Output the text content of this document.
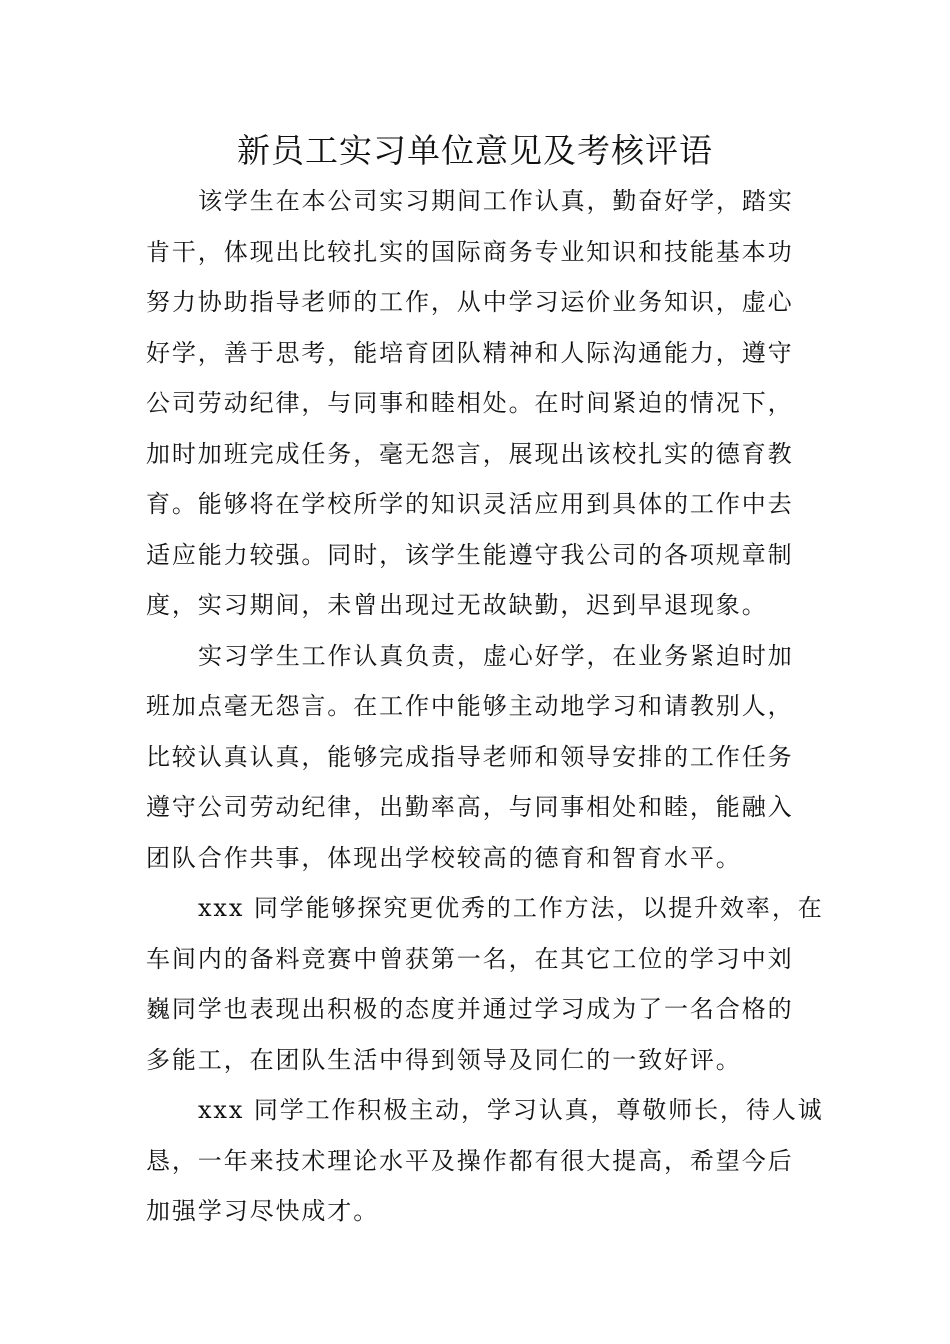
新员工实习单位意见及考核评语

该学生在本公司实习期间工作认真，勤奋好学，踏实
肯干，体现出比较扎实的国际商务专业知识和技能基本功
努力协助指导老师的工作，从中学习运价业务知识，虚心
好学，善于思考，能培育团队精神和人际沟通能力，遵守
公司劳动纪律，与同事和睦相处。在时间紧迫的情况下，
加时加班完成任务，毫无怨言，展现出该校扎实的德育教
育。能够将在学校所学的知识灵活应用到具体的工作中去
适应能力较强。同时，该学生能遵守我公司的各项规章制
度，实习期间，未曾出现过无故缺勤，迟到早退现象。

实习学生工作认真负责，虚心好学，在业务紧迫时加
班加点毫无怨言。在工作中能够主动地学习和请教别人，
比较认真认真，能够完成指导老师和领导安排的工作任务
遵守公司劳动纪律，出勤率高，与同事相处和睦，能融入
团队合作共事，体现出学校较高的德育和智育水平。

xxx 同学能够探究更优秀的工作方法，以提升效率，在
车间内的备料竞赛中曾获第一名，在其它工位的学习中刘
巍同学也表现出积极的态度并通过学习成为了一名合格的
多能工，在团队生活中得到领导及同仁的一致好评。

xxx 同学工作积极主动，学习认真，尊敬师长，待人诚
恳，一年来技术理论水平及操作都有很大提高，希望今后
加强学习尽快成才。
